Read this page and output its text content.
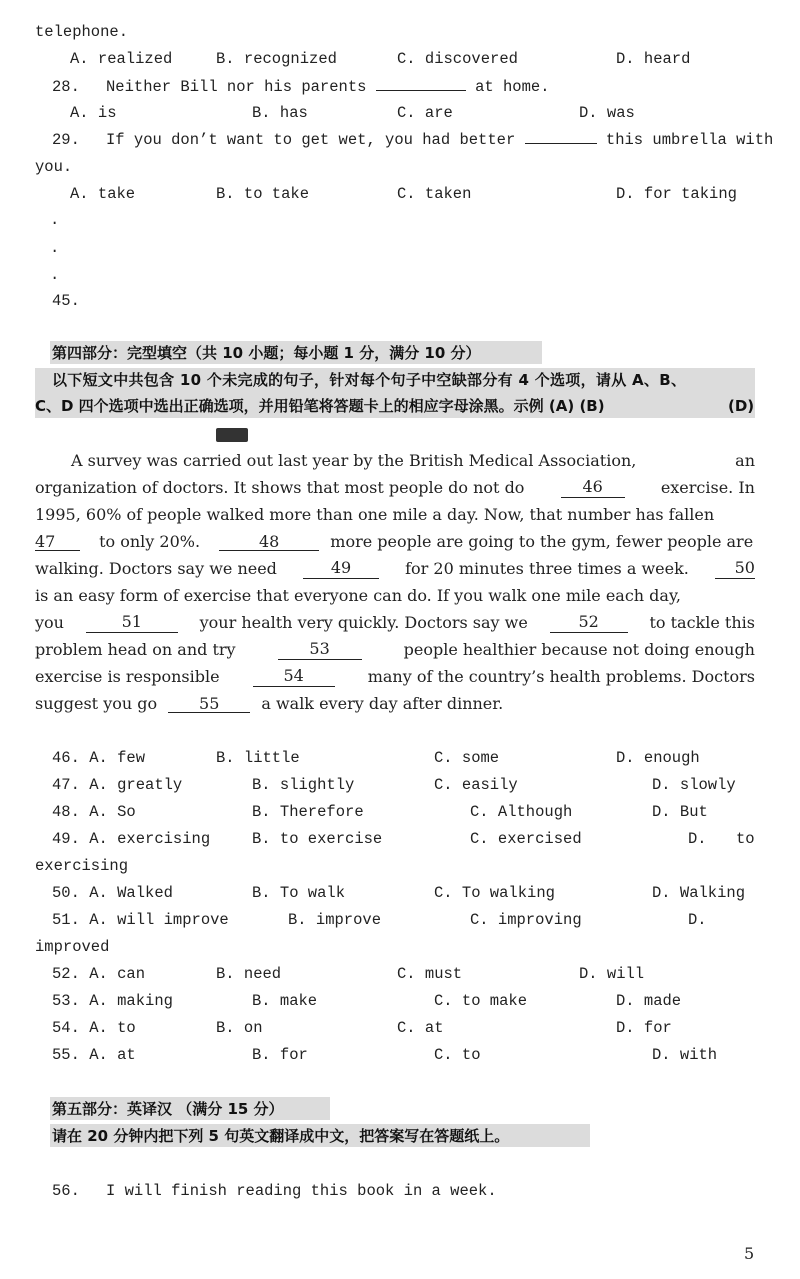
telephone.
A. realized	B. recognized	C. discovered	D. heard
28. Neither Bill nor his parents	at home.
A. is	B. has	C. are	D. was
29. If you don’t want to get wet, you had better	this umbrella with
you.
A. take	B. to take	C. taken	D. for taking
.
.
.
45.
第四部分：完型填空（共 10 小题；每小题 1 分，满分 10 分）
以下短文中共包含 10 个未完成的句子，针对每个句子中空缺部分有 4 个选项，请从 A、B、
C、D 四个选项中选出正确选项，并用铅笔将答题卡上的相应字母涂黑。示例 (A) (B)	(D)
A survey was carried out last year by the British Medical Association,	an
organization of doctors. It shows that most people do not do	46	exercise. In
1995, 60% of people walked more than one mile a day. Now, that number has fallen
47	to only 20%.	48	more people are going to the gym, fewer people are
walking. Doctors say we need	49	for 20 minutes three times a week.	50
is an easy form of exercise that everyone can do. If you walk one mile each day,
you	51	your health very quickly. Doctors say we	52	to tackle this
problem head on and try	53	people healthier because not doing enough
exercise is responsible	54	many of the country’s health problems. Doctors
suggest you go	55	a walk every day after dinner.
46. A. few	B. little	C. some	D. enough
47. A. greatly	B. slightly	C. easily	D. slowly
48. A. So	B. Therefore	C. Although	D. But
49. A. exercising	B. to exercise	C. exercised	D. to
exercising
50. A. Walked	B. To walk	C. To walking	D. Walking
51. A. will improve	B. improve	C. improving	D.
improved
52. A. can	B. need	C. must	D. will
53. A. making	B. make	C. to make	D. made
54. A. to	B. on	C. at	D. for
55. A. at	B. for	C. to	D. with
第五部分：英译汉 （满分 15 分）
请在 20 分钟内把下列 5 句英文翻译成中文，把答案写在答题纸上。
56. I will finish reading this book in a week.
5
